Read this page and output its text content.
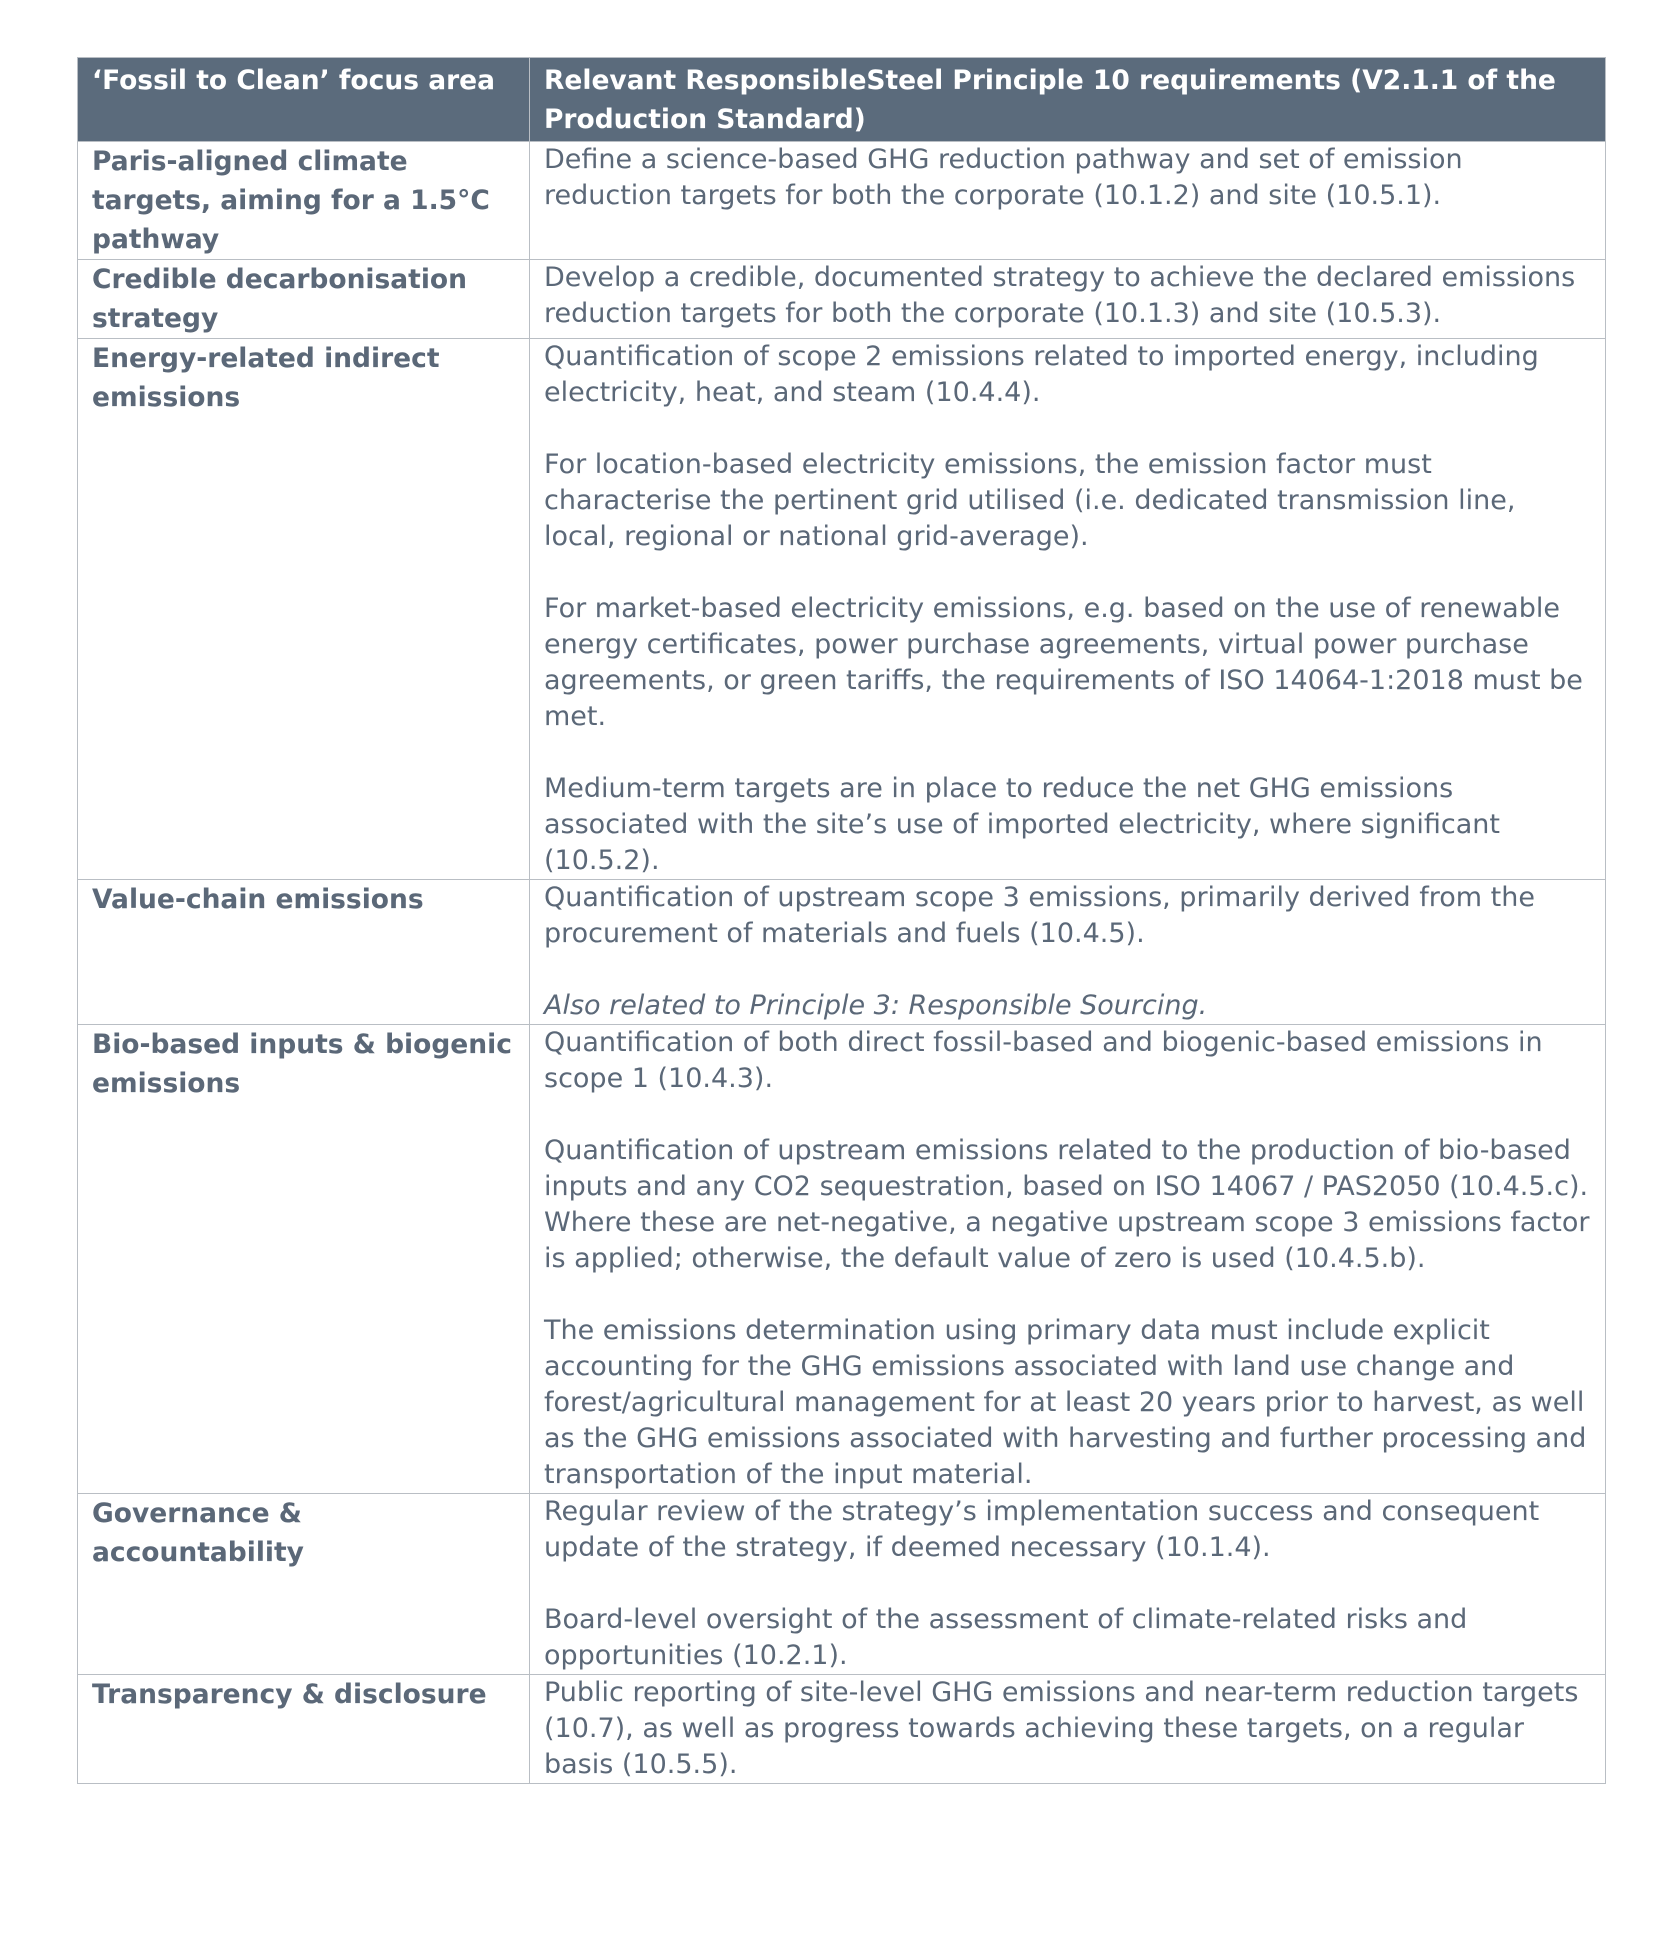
‘Fossil to Clean’ focus area	Relevant ResponsibleSteel Principle 10 requirements (V2.1.1 of the Production Standard)
Paris-aligned climate targets, aiming for a 1.5°C pathway	Define a science-based GHG reduction pathway and set of emission reduction targets for both the corporate (10.1.2) and site (10.5.1).

Credible decarbonisation strategy	Develop a credible, documented strategy to achieve the declared emissions reduction targets for both the corporate (10.1.3) and site (10.5.3).

Energy-related indirect emissions	Quantification of scope 2 emissions related to imported energy, including electricity, heat, and steam (10.4.4).

For location-based electricity emissions, the emission factor must characterise the pertinent grid utilised (i.e. dedicated transmission line, local, regional or national grid-average).

For market-based electricity emissions, e.g. based on the use of renewable energy certificates, power purchase agreements, virtual power purchase agreements, or green tariffs, the requirements of ISO 14064-1:2018 must be met.

Medium-term targets are in place to reduce the net GHG emissions associated with the site’s use of imported electricity, where significant (10.5.2).

Value-chain emissions	Quantification of upstream scope 3 emissions, primarily derived from the procurement of materials and fuels (10.4.5).

Also related to Principle 3: Responsible Sourcing.

Bio-based inputs & biogenic emissions	Quantification of both direct fossil-based and biogenic-based emissions in scope 1 (10.4.3).

Quantification of upstream emissions related to the production of bio-based inputs and any CO2 sequestration, based on ISO 14067 / PAS2050 (10.4.5.c). Where these are net-negative, a negative upstream scope 3 emissions factor is applied; otherwise, the default value of zero is used (10.4.5.b).

The emissions determination using primary data must include explicit accounting for the GHG emissions associated with land use change and forest/agricultural management for at least 20 years prior to harvest, as well as the GHG emissions associated with harvesting and further processing and transportation of the input material.

Governance & accountability	Regular review of the strategy’s implementation success and consequent update of the strategy, if deemed necessary (10.1.4).

Board-level oversight of the assessment of climate-related risks and opportunities (10.2.1).

Transparency & disclosure	Public reporting of site-level GHG emissions and near-term reduction targets (10.7), as well as progress towards achieving these targets, on a regular basis (10.5.5).
